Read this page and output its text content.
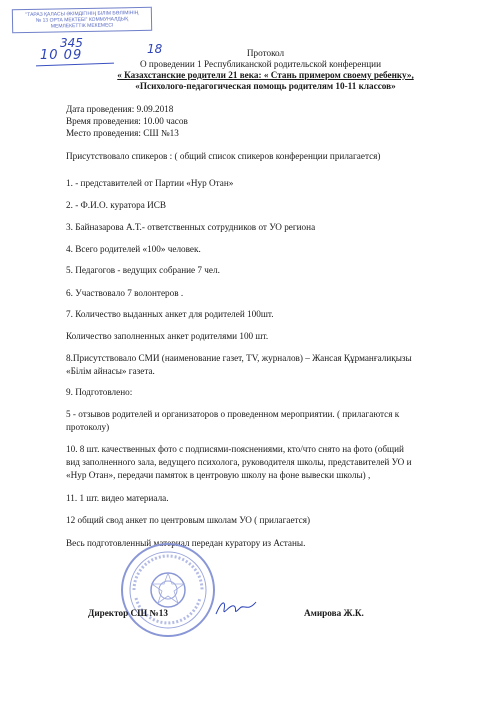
"ТАРАЗ ҚАЛАСЫ ӘКІМДІГІНІҢ БІЛІМ БӨЛІМІНІҢ
№ 13 ОРТА МЕКТЕБІ" КОММУНАЛДЫҚ
МЕМЛЕКЕТТІК МЕКЕМЕСІ
345
10 09	18	Протокол
О проведении 1 Республиканской родительской конференции
« Казахстанские родители 21 века: « Стань примером своему ребенку»,
«Психолого-педагогическая помощь родителям 10-11 классов»
Дата проведения: 9.09.2018
Время проведения: 10.00 часов
Место проведения: СШ №13
Присутствовало спикеров : ( общий список спикеров конференции прилагается)
1. - представителей от Партии «Нур Отан»
2. - Ф.И.О. куратора ИСВ
3. Байназарова А.Т.- ответственных сотрудников от УО региона
4. Всего родителей «100» человек.
5. Педагогов - ведущих собрание 7 чел.
6. Участвовало 7 волонтеров .
7. Количество выданных анкет для родителей 100шт.
Количество заполненных анкет родителями 100 шт.
8.Присутствовало СМИ (наименование газет, TV, журналов) – Жансая Құрманғалиқызы
«Білім айнасы» газета.
9. Подготовлено:
5 - отзывов родителей и организаторов о проведенном мероприятии. ( прилагаются к
протоколу)
10. 8 шт. качественных фото с подписями-пояснениями, кто/что снято на фото (общий
вид заполненного зала, ведущего психолога, руководителя школы, представителей УО и
«Нур Отан», передачи памяток в центровую школу на фоне вывески школы) ,
11. 1 шт. видео материала.
12 общий свод анкет по центровым школам УО ( прилагается)
Весь подготовленный материал передан куратору из Астаны.
Директор СШ №13	Амирова Ж.К.
